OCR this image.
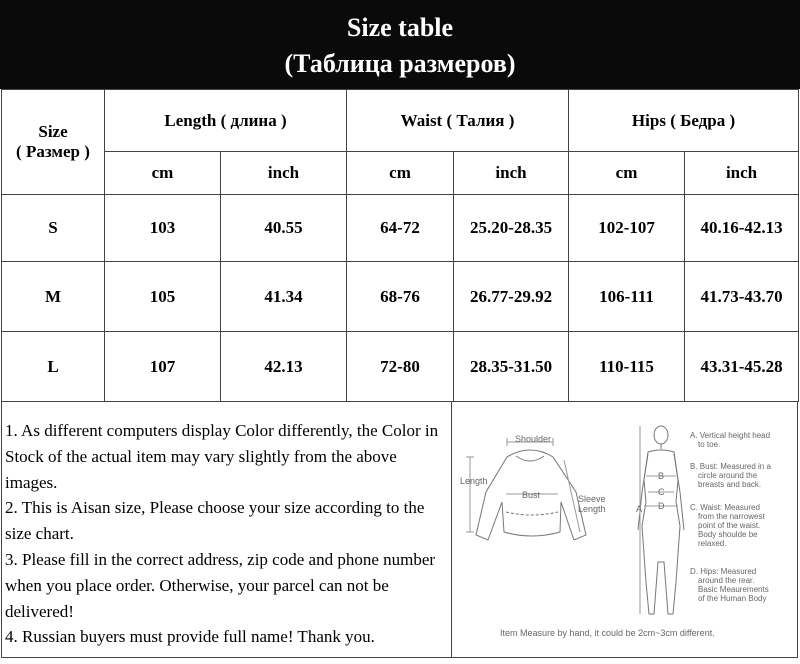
Size table
(Таблица размеров)
Size
( Размер )	Length ( длина )		Waist ( Талия )		Hips ( Бедра )	
	cm	inch	cm	inch	cm	inch
S	103	40.55	64-72	25.20-28.35	102-107	40.16-42.13
M	105	41.34	68-76	26.77-29.92	106-111	41.73-43.70
L	107	42.13	72-80	28.35-31.50	110-115	43.31-45.28

1. As different computers display Color differently, the Color in Stock of the actual item may vary slightly from the above images.

2. This is Aisan size, Please choose your size according to the size chart.

3. Please fill in the correct address, zip code and phone number when you place order. Otherwise, your parcel can not be delivered!

4. Russian buyers must provide full name! Thank you.

Shoulder
Length
Bust	Sleeve
Length	A
B
C
D
A. Vertical height head
to toe.
B. Bust: Measured in a
circle around the
breasts and back.
C. Waist: Measured
from the narrowest
point of the waist.
Body shoulde be
relaxed.
D. Hips: Measured
around the rear.
Basic Meaurements
of the Human Body
Item Measure by hand, it could be 2cm~3cm different.
